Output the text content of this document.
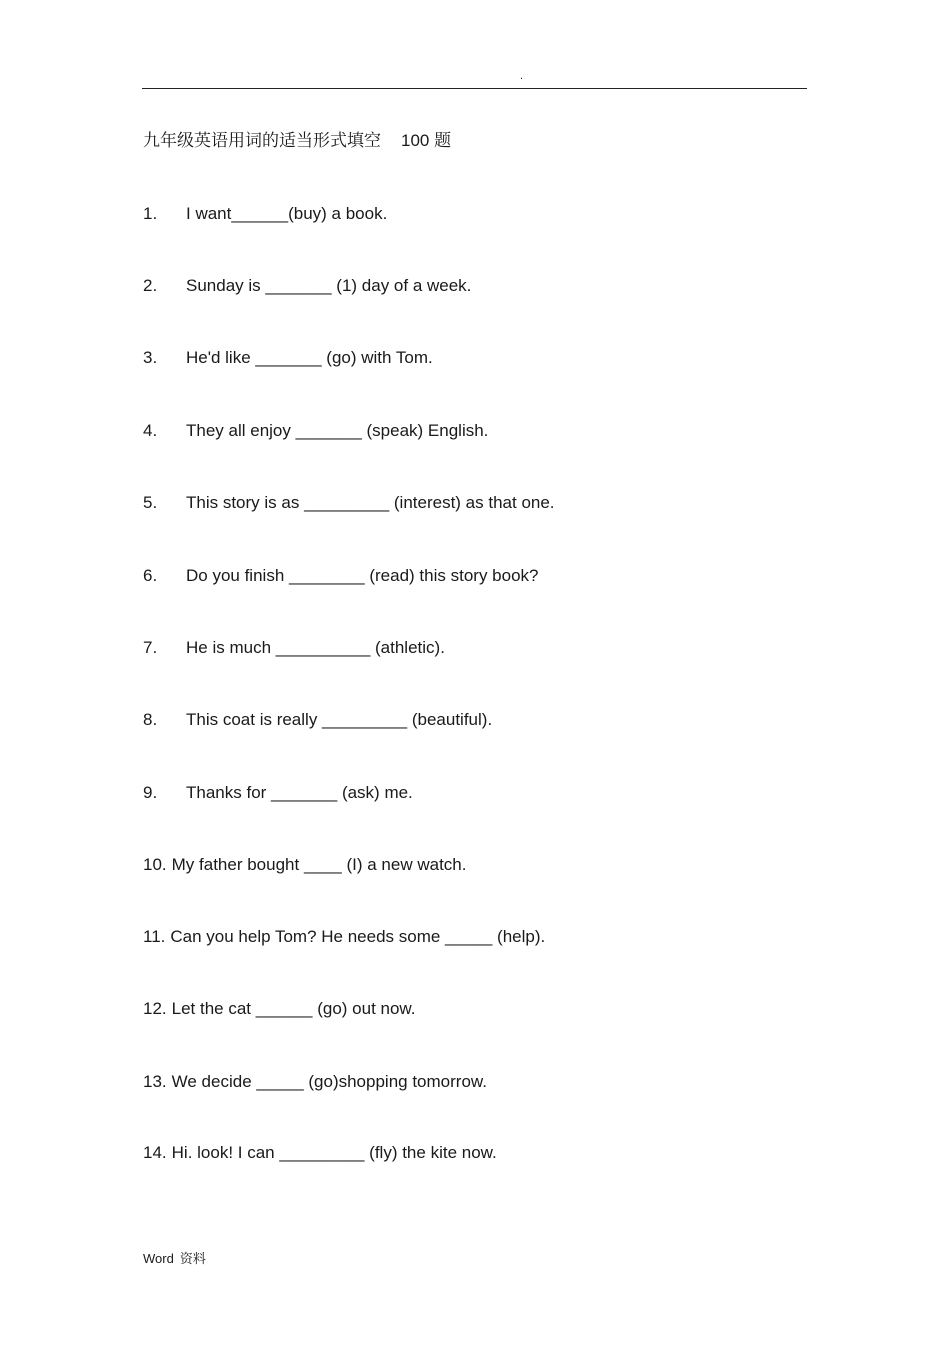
.
九年级英语用词的适当形式填空 100 题
1. I want______(buy) a book.
2. Sunday is _______ (1) day of a week.
3. He'd like _______ (go) with Tom.
4. They all enjoy _______ (speak) English.
5. This story is as _________ (interest) as that one.
6. Do you finish ________ (read) this story book?
7. He is much __________ (athletic).
8. This coat is really _________ (beautiful).
9. Thanks for _______ (ask) me.
10. My father bought ____ (I) a new watch.
11. Can you help Tom? He needs some _____ (help).
12. Let the cat ______ (go) out now.
13. We decide _____ (go)shopping tomorrow.
14. Hi. look! I can _________ (fly) the kite now.
Word 资料
